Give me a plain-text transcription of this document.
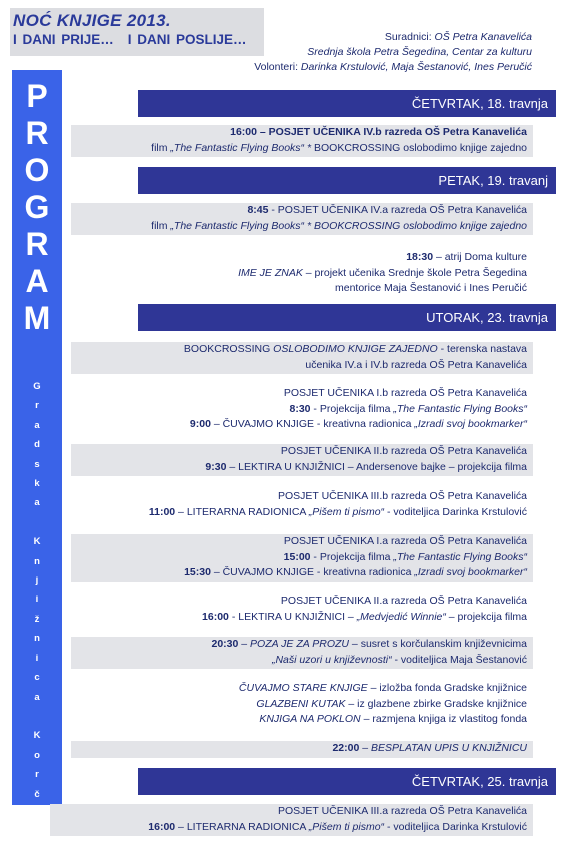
NOĆ KNJIGE 2013.
I DANI PRIJE… I DANI POSLIJE…	Suradnici: OŠ Petra Kanavelića
Srednja škola Petra Šegedina, Centar za kulturu
Volonteri: Darinka Krstulović, Maja Šestanović, Ines Peručić
P
R
O
G
R
A
M
G
r
a
d
s
k
a

K
n
j
i
ž
n
i
c
a

K
o
r
č
u
l
a
ČETVRTAK, 18. travnja
16:00 – POSJET UČENIKA IV.b razreda OŠ Petra Kanavelića
film „The Fantastic Flying Books“ * BOOKCROSSING oslobodimo knjige zajedno
PETAK, 19. travanj
8:45 - POSJET UČENIKA IV.a razreda OŠ Petra Kanavelića
film „The Fantastic Flying Books“ * BOOKCROSSING oslobodimo knjige zajedno
18:30 – atrij Doma kulture
IME JE ZNAK – projekt učenika Srednje škole Petra Šegedina
mentorice Maja Šestanović i Ines Peručić
UTORAK, 23. travnja
BOOKCROSSING OSLOBODIMO KNJIGE ZAJEDNO - terenska nastava
učenika IV.a i IV.b razreda OŠ Petra Kanavelića
POSJET UČENIKA I.b razreda OŠ Petra Kanavelića
8:30 - Projekcija filma „The Fantastic Flying Books“
9:00 – ČUVAJMO KNJIGE - kreativna radionica „Izradi svoj bookmarker“
POSJET UČENIKA II.b razreda OŠ Petra Kanavelića
9:30 – LEKTIRA U KNJIŽNICI – Andersenove bajke – projekcija filma
POSJET UČENIKA III.b razreda OŠ Petra Kanavelića
11:00 – LITERARNA RADIONICA „Pišem ti pismo“ - voditeljica Darinka Krstulović
POSJET UČENIKA I.a razreda OŠ Petra Kanavelića
15:00 - Projekcija filma „The Fantastic Flying Books“
15:30 – ČUVAJMO KNJIGE - kreativna radionica „Izradi svoj bookmarker“
POSJET UČENIKA II.a razreda OŠ Petra Kanavelića
16:00 - LEKTIRA U KNJIŽNICI – „Medvjedić Winnie“ – projekcija filma
20:30 – POZA JE ZA PROZU – susret s korčulanskim književnicima
„Naši uzori u književnosti“ - voditeljica Maja Šestanović
ČUVAJMO STARE KNJIGE – izložba fonda Gradske knjižnice
GLAZBENI KUTAK – iz glazbene zbirke Gradske knjižnice
KNJIGA NA POKLON – razmjena knjiga iz vlastitog fonda
22:00 – BESPLATAN UPIS U KNJIŽNICU
ČETVRTAK, 25. travnja
POSJET UČENIKA III.a razreda OŠ Petra Kanavelića
16:00 – LITERARNA RADIONICA „Pišem ti pismo“ - voditeljica Darinka Krstulović
